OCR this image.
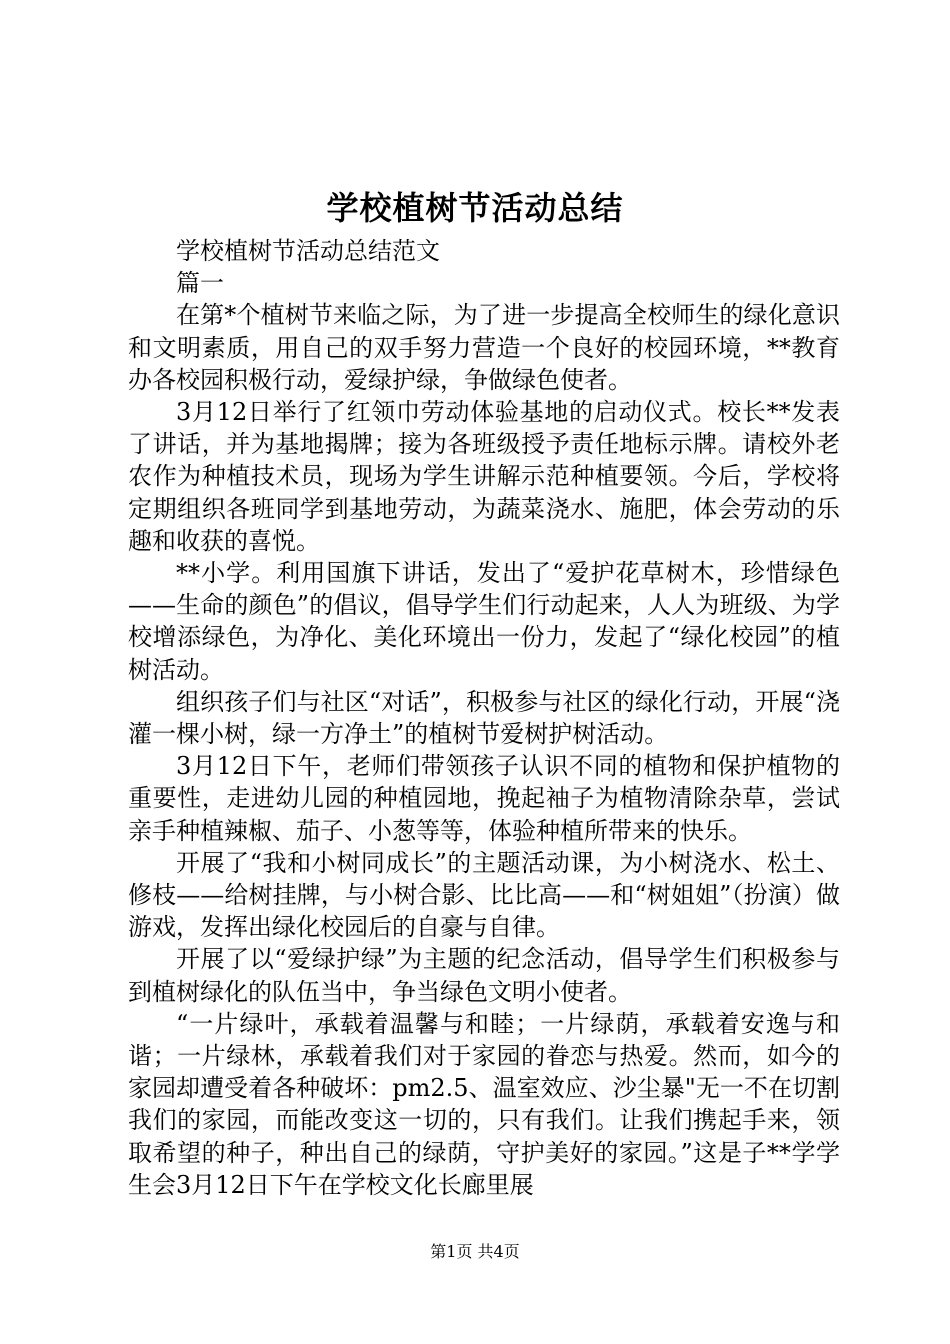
学校植树节活动总结

学校植树节活动总结范文

篇一

在第*个植树节来临之际，为了进一步提高全校师生的绿化意识和文明素质，用自己的双手努力营造一个良好的校园环境，**教育办各校园积极行动，爱绿护绿，争做绿色使者。

3月12日举行了红领巾劳动体验基地的启动仪式。校长**发表了讲话，并为基地揭牌；接为各班级授予责任地标示牌。请校外老农作为种植技术员，现场为学生讲解示范种植要领。今后，学校将定期组织各班同学到基地劳动，为蔬菜浇水、施肥，体会劳动的乐趣和收获的喜悦。

**小学。利用国旗下讲话，发出了“爱护花草树木，珍惜绿色——生命的颜色”的倡议，倡导学生们行动起来，人人为班级、为学校增添绿色，为净化、美化环境出一份力，发起了“绿化校园”的植树活动。

组织孩子们与社区“对话”，积极参与社区的绿化行动，开展“浇灌一棵小树，绿一方净土”的植树节爱树护树活动。

3月12日下午，老师们带领孩子认识不同的植物和保护植物的重要性，走进幼儿园的种植园地，挽起袖子为植物清除杂草，尝试亲手种植辣椒、茄子、小葱等等，体验种植所带来的快乐。

开展了“我和小树同成长”的主题活动课，为小树浇水、松土、修枝——给树挂牌，与小树合影、比比高——和“树姐姐”（扮演）做游戏，发挥出绿化校园后的自豪与自律。

开展了以“爱绿护绿”为主题的纪念活动，倡导学生们积极参与到植树绿化的队伍当中，争当绿色文明小使者。

“一片绿叶，承载着温馨与和睦；一片绿荫，承载着安逸与和谐；一片绿林，承载着我们对于家园的眷恋与热爱。然而，如今的家园却遭受着各种破坏：pm2.5、温室效应、沙尘暴"无一不在切割我们的家园，而能改变这一切的，只有我们。让我们携起手来，领取希望的种子，种出自己的绿荫，守护美好的家园。”这是子**学学生会3月12日下午在学校文化长廊里展

第1页 共4页
